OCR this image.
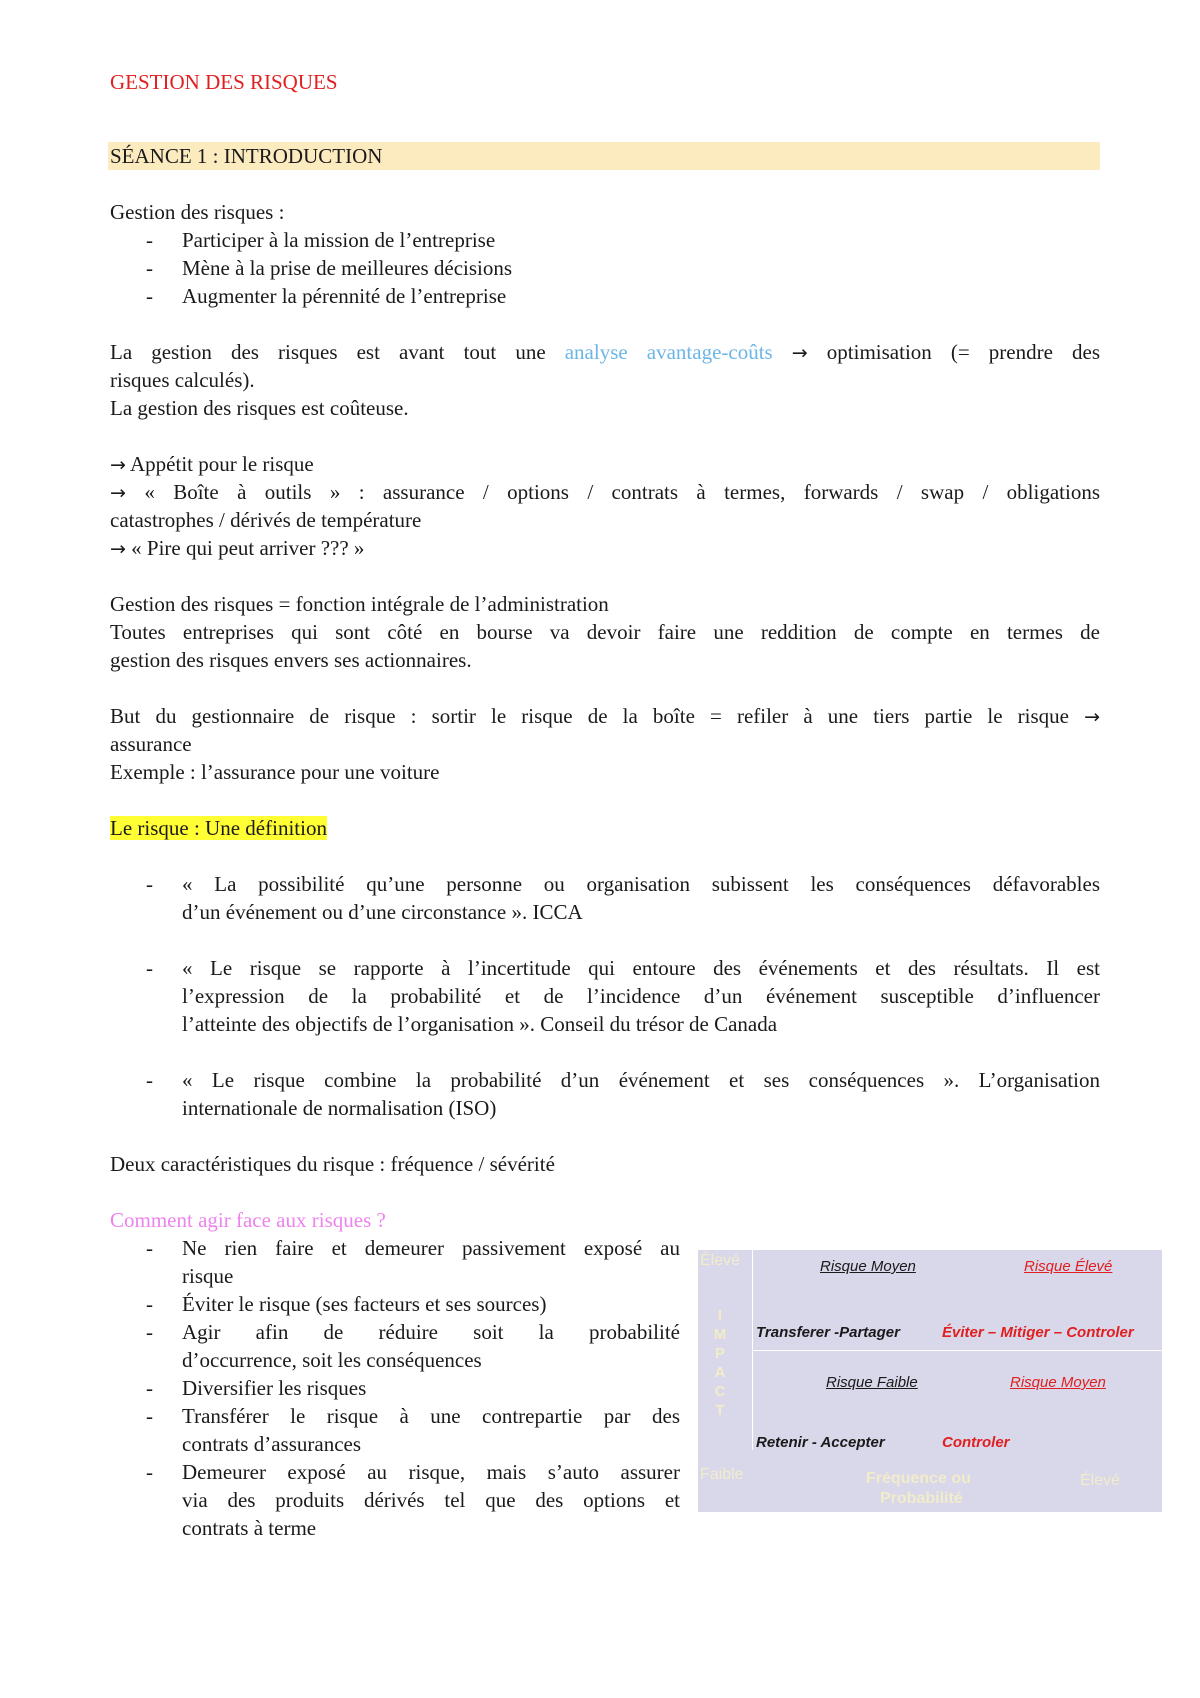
GESTION DES RISQUES
SÉANCE 1 : INTRODUCTION
Gestion des risques :
- Participer à la mission de l’entreprise
- Mène à la prise de meilleures décisions
- Augmenter la pérennité de l’entreprise
La gestion des risques est avant tout une analyse avantage-coûts → optimisation (= prendre des
risques calculés).
La gestion des risques est coûteuse.
→ Appétit pour le risque
→ « Boîte à outils » : assurance / options / contrats à termes, forwards / swap / obligations
catastrophes / dérivés de température
→ « Pire qui peut arriver ??? »
Gestion des risques = fonction intégrale de l’administration
Toutes entreprises qui sont côté en bourse va devoir faire une reddition de compte en termes de
gestion des risques envers ses actionnaires.
But du gestionnaire de risque : sortir le risque de la boîte = refiler à une tiers partie le risque →
assurance
Exemple : l’assurance pour une voiture
Le risque : Une définition
- « La possibilité qu’une personne ou organisation subissent les conséquences défavorables
d’un événement ou d’une circonstance ». ICCA
- « Le risque se rapporte à l’incertitude qui entoure des événements et des résultats. Il est
l’expression de la probabilité et de l’incidence d’un événement susceptible d’influencer
l’atteinte des objectifs de l’organisation ». Conseil du trésor de Canada
- « Le risque combine la probabilité d’un événement et ses conséquences ». L’organisation
internationale de normalisation (ISO)
Deux caractéristiques du risque : fréquence / sévérité
Comment agir face aux risques ?
- Ne rien faire et demeurer passivement exposé au
risque
- Éviter le risque (ses facteurs et ses sources)
- Agir afin de réduire soit la probabilité
d’occurrence, soit les conséquences
- Diversifier les risques
- Transférer le risque à une contrepartie par des
contrats d’assurances
- Demeurer exposé au risque, mais s’auto assurer
via des produits dérivés tel que des options et
contrats à terme
Élevé
Faible
IMPACT
Risque Moyen	Risque Élevé
Transferer -Partager	Éviter – Mitiger – Controler
Risque Faible	Risque Moyen
Retenir - Accepter	Controler
Fréquence ou
Probabilité
Élevé
